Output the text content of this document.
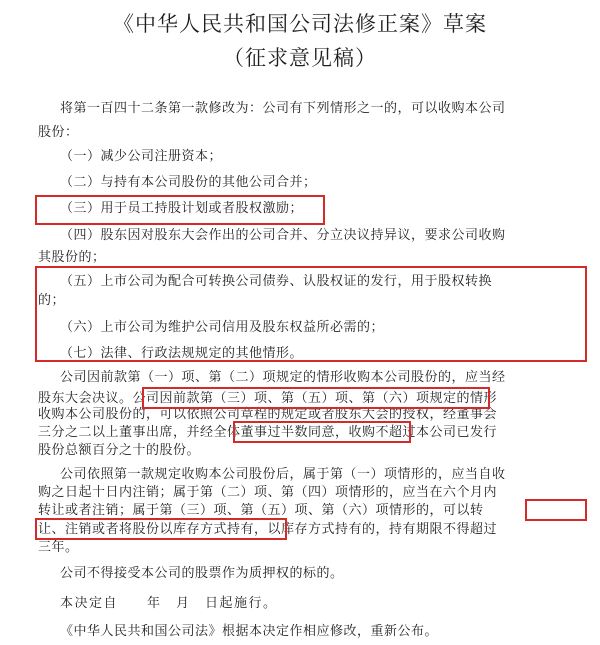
《中华人民共和国公司法修正案》草案
（征求意见稿）
将第一百四十二条第一款修改为：公司有下列情形之一的，可以收购本公司
股份：
（一）减少公司注册资本；
（二）与持有本公司股份的其他公司合并；
（三）用于员工持股计划或者股权激励；
（四）股东因对股东大会作出的公司合并、分立决议持异议，要求公司收购
其股份的；
（五）上市公司为配合可转换公司债券、认股权证的发行，用于股权转换
的；
（六）上市公司为维护公司信用及股东权益所必需的；
（七）法律、行政法规规定的其他情形。
公司因前款第（一）项、第（二）项规定的情形收购本公司股份的，应当经
股东大会决议。公司因前款第（三）项、第（五）项、第（六）项规定的情形
收购本公司股份的，可以依照公司章程的规定或者股东大会的授权，经董事会
三分之二以上董事出席，并经全体董事过半数同意，收购不超过本公司已发行
股份总额百分之十的股份。
公司依照第一款规定收购本公司股份后，属于第（一）项情形的，应当自收
购之日起十日内注销；属于第（二）项、第（四）项情形的，应当在六个月内
转让或者注销；属于第（三）项、第（五）项、第（六）项情形的，可以转
让、注销或者将股份以库存方式持有，以库存方式持有的，持有期限不得超过
三年。
公司不得接受本公司的股票作为质押权的标的。
本决定自　　年　月　日起施行。
《中华人民共和国公司法》根据本决定作相应修改，重新公布。
